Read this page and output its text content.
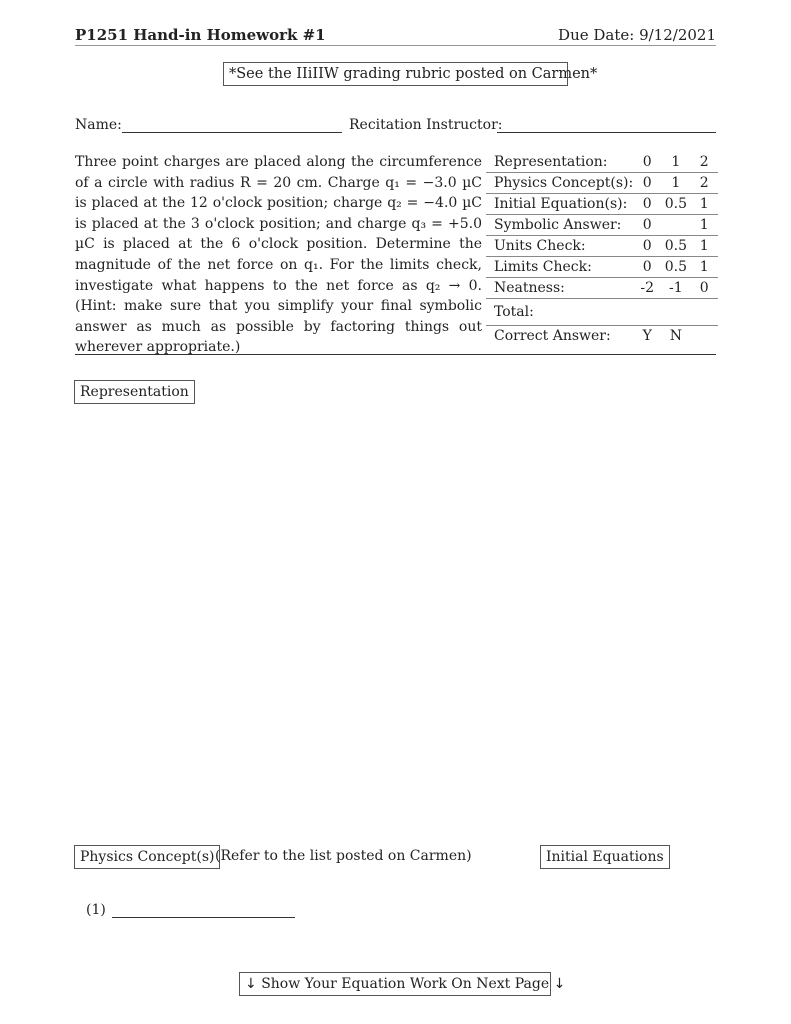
P1251 Hand-in Homework #1	Due Date: 9/12/2021
*See the IIiIIW grading rubric posted on Carmen*
Name:	Recitation Instructor:
Three point charges are placed along the circumference of a circle with radius R = 20 cm. Charge q₁ = −3.0 µC is placed at the 12 o'clock position; charge q₂ = −4.0 µC is placed at the 3 o'clock position; and charge q₃ = +5.0 µC is placed at the 6 o'clock position. Determine the magnitude of the net force on q₁. For the limits check, investigate what happens to the net force as q₂ → 0. (Hint: make sure that you simplify your final symbolic answer as much as possible by factoring things out wherever appropriate.)
Representation:	0	1	2
Physics Concept(s):	0	1	2
Initial Equation(s):	0	0.5	1
Symbolic Answer:	0		1
Units Check:	0	0.5	1
Limits Check:	0	0.5	1
Neatness:	-2	-1	0
Total:			
Correct Answer:	Y	N	
Representation
Physics Concept(s) (Refer to the list posted on Carmen)	Initial Equations
(1)
↓ Show Your Equation Work On Next Page ↓
